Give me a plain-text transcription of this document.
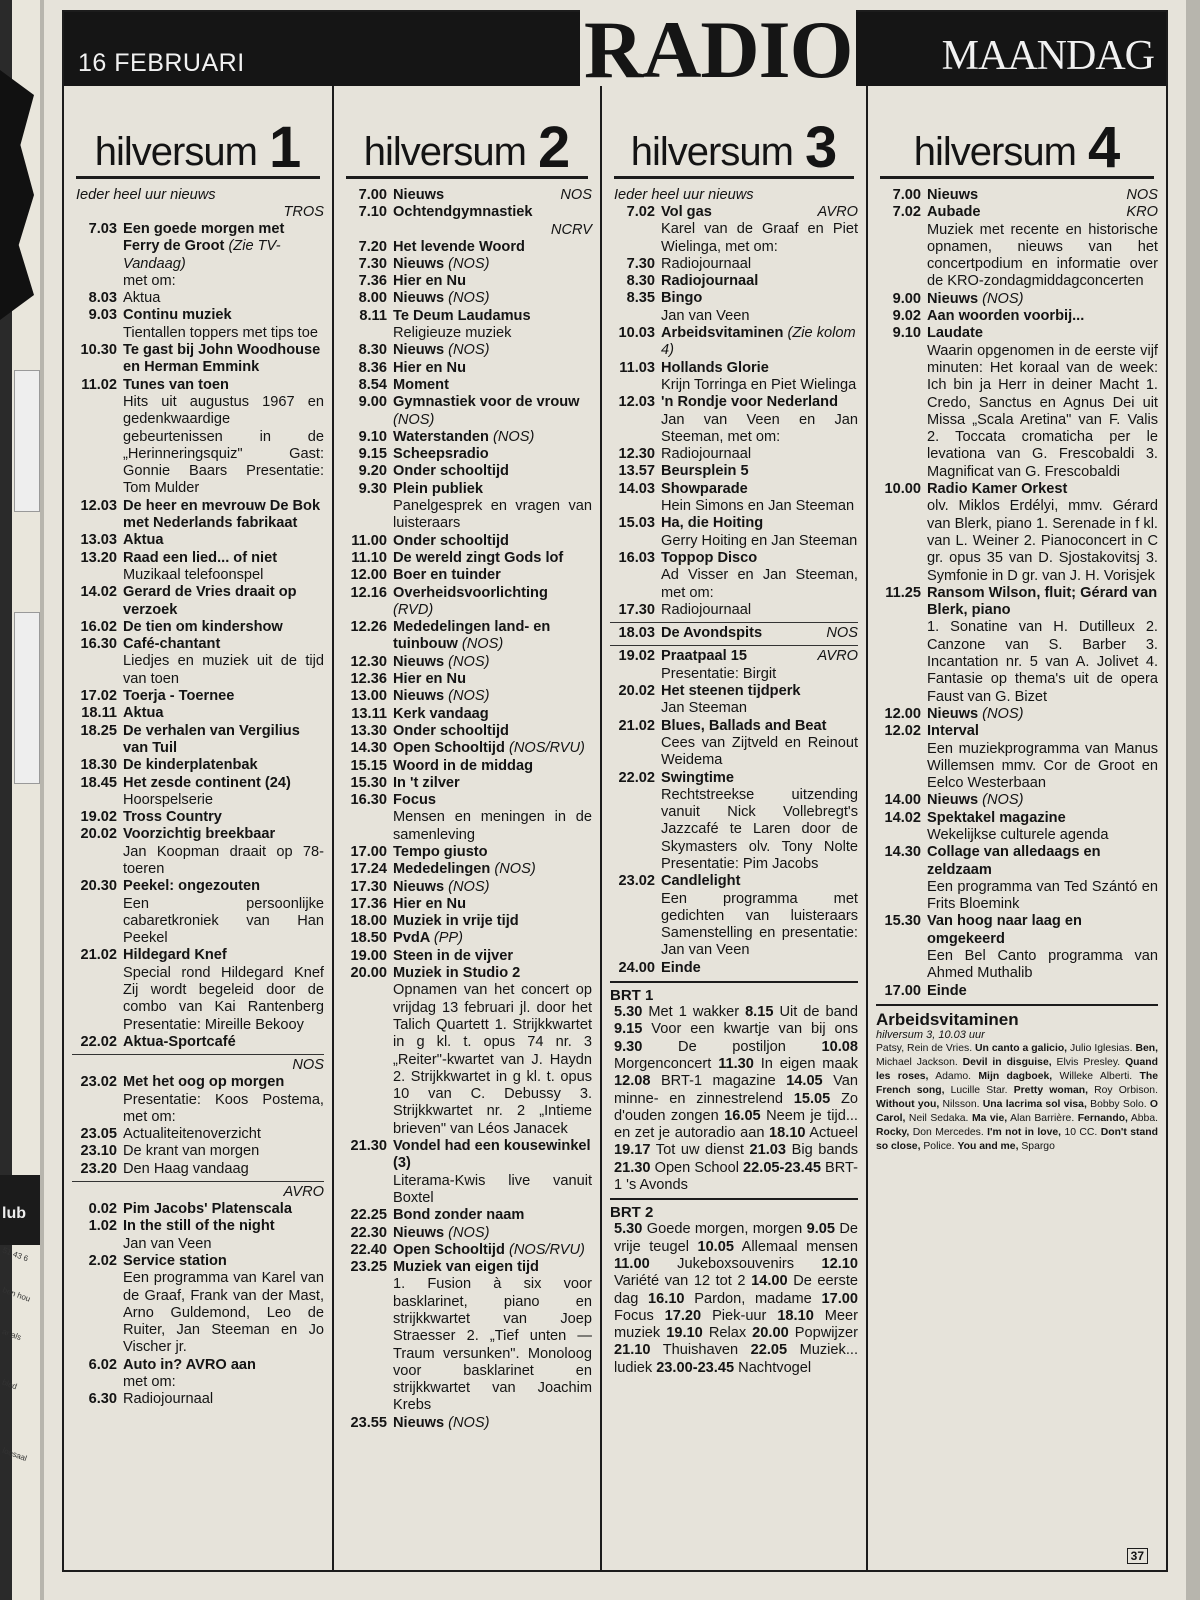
lub
51 43 6
ben hou
ar als
bled
loosaal
16 FEBRUARI	RADIO MAANDAG
hilversum 1
Ieder heel uur nieuws
TROS
7.03 Een goede morgen met Ferry de Groot (Zie TV-Vandaag)
met om:
8.03 Aktua
9.03 Continu muziek
Tientallen toppers met tips toe
10.30 Te gast bij John Woodhouse en Herman Emmink
11.02 Tunes van toen
Hits uit augustus 1967 en gedenkwaardige gebeurtenissen in de „Herinneringsquiz" Gast: Gonnie Baars Presentatie: Tom Mulder
12.03 De heer en mevrouw De Bok met Nederlands fabrikaat
13.03 Aktua
13.20 Raad een lied... of niet
Muzikaal telefoonspel
14.02 Gerard de Vries draait op verzoek
16.02 De tien om kindershow
16.30 Café-chantant
Liedjes en muziek uit de tijd van toen
17.02 Toerja - Toernee
18.11 Aktua
18.25 De verhalen van Vergilius van Tuil
18.30 De kinderplatenbak
18.45 Het zesde continent (24)
Hoorspelserie
19.02 Tross Country
20.02 Voorzichtig breekbaar
Jan Koopman draait op 78-toeren
20.30 Peekel: ongezouten
Een persoonlijke cabaretkroniek van Han Peekel
21.02 Hildegard Knef
Special rond Hildegard Knef Zij wordt begeleid door de combo van Kai Rantenberg Presentatie: Mireille Bekooy
22.02 Aktua-Sportcafé
NOS
23.02 Met het oog op morgen
Presentatie: Koos Postema, met om:
23.05 Actualiteitenoverzicht
23.10 De krant van morgen
23.20 Den Haag vandaag
AVRO
0.02 Pim Jacobs' Platenscala
1.02 In the still of the night
Jan van Veen
2.02 Service station
Een programma van Karel van de Graaf, Frank van der Mast, Arno Guldemond, Leo de Ruiter, Jan Steeman en Jo Vischer jr.
6.02 Auto in? AVRO aan
met om:
6.30 Radiojournaal
hilversum 2
7.00 Nieuws	NOS
7.10 Ochtendgymnastiek
NCRV
7.20 Het levende Woord
7.30 Nieuws (NOS)
7.36 Hier en Nu
8.00 Nieuws (NOS)
8.11 Te Deum Laudamus
Religieuze muziek
8.30 Nieuws (NOS)
8.36 Hier en Nu
8.54 Moment
9.00 Gymnastiek voor de vrouw (NOS)
9.10 Waterstanden (NOS)
9.15 Scheepsradio
9.20 Onder schooltijd
9.30 Plein publiek
Panelgesprek en vragen van luisteraars
11.00 Onder schooltijd
11.10 De wereld zingt Gods lof
12.00 Boer en tuinder
12.16 Overheidsvoorlichting (RVD)
12.26 Mededelingen land- en tuinbouw (NOS)
12.30 Nieuws (NOS)
12.36 Hier en Nu
13.00 Nieuws (NOS)
13.11 Kerk vandaag
13.30 Onder schooltijd
14.30 Open Schooltijd (NOS/RVU)
15.15 Woord in de middag
15.30 In 't zilver
16.30 Focus
Mensen en meningen in de samenleving
17.00 Tempo giusto
17.24 Mededelingen (NOS)
17.30 Nieuws (NOS)
17.36 Hier en Nu
18.00 Muziek in vrije tijd
18.50 PvdA (PP)
19.00 Steen in de vijver
20.00 Muziek in Studio 2
Opnamen van het concert op vrijdag 13 februari jl. door het Talich Quartett 1. Strijkkwartet in g kl. t. opus 74 nr. 3 „Reiter"-kwartet van J. Haydn 2. Strijkkwartet in g kl. t. opus 10 van C. Debussy 3. Strijkkwartet nr. 2 „Intieme brieven" van Léos Janacek
21.30 Vondel had een kousewinkel (3)
Literama-Kwis live vanuit Boxtel
22.25 Bond zonder naam
22.30 Nieuws (NOS)
22.40 Open Schooltijd (NOS/RVU)
23.25 Muziek van eigen tijd
1. Fusion à six voor basklarinet, piano en strijkkwartet van Joep Straesser 2. „Tief unten — Traum versunken". Monoloog voor basklarinet en strijkkwartet van Joachim Krebs
23.55 Nieuws (NOS)
hilversum 3
Ieder heel uur nieuws
7.02 Vol gas	AVRO
Karel van de Graaf en Piet Wielinga, met om:
7.30 Radiojournaal
8.30 Radiojournaal
8.35 Bingo
Jan van Veen
10.03 Arbeidsvitaminen (Zie kolom 4)
11.03 Hollands Glorie
Krijn Torringa en Piet Wielinga
12.03 'n Rondje voor Nederland
Jan van Veen en Jan Steeman, met om:
12.30 Radiojournaal
13.57 Beursplein 5
14.03 Showparade
Hein Simons en Jan Steeman
15.03 Ha, die Hoiting
Gerry Hoiting en Jan Steeman
16.03 Toppop Disco
Ad Visser en Jan Steeman, met om:
17.30 Radiojournaal
18.03 De Avondspits	NOS
19.02 Praatpaal 15	AVRO
Presentatie: Birgit
20.02 Het steenen tijdperk
Jan Steeman
21.02 Blues, Ballads and Beat
Cees van Zijtveld en Reinout Weidema
22.02 Swingtime
Rechtstreekse uitzending vanuit Nick Vollebregt's Jazzcafé te Laren door de Skymasters olv. Tony Nolte Presentatie: Pim Jacobs
23.02 Candlelight
Een programma met gedichten van luisteraars Samenstelling en presentatie: Jan van Veen
24.00 Einde
BRT 1
5.30 Met 1 wakker 8.15 Uit de band 9.15 Voor een kwartje van bij ons 9.30 De postiljon 10.08 Morgenconcert 11.30 In eigen maak 12.08 BRT-1 magazine 14.05 Van minne- en zinnestrelend 15.05 Zo d'ouden zongen 16.05 Neem je tijd... en zet je autoradio aan 18.10 Actueel 19.17 Tot uw dienst 21.03 Big bands 21.30 Open School 22.05-23.45 BRT-1 's Avonds
BRT 2
5.30 Goede morgen, morgen 9.05 De vrije teugel 10.05 Allemaal mensen 11.00 Jukeboxsouvenirs 12.10 Variété van 12 tot 2 14.00 De eerste dag 16.10 Pardon, madame 17.00 Focus 17.20 Piek-uur 18.10 Meer muziek 19.10 Relax 20.00 Popwijzer 21.10 Thuishaven 22.05 Muziek... ludiek 23.00-23.45 Nachtvogel
hilversum 4
7.00 Nieuws	NOS
7.02 Aubade	KRO
Muziek met recente en historische opnamen, nieuws van het concertpodium en informatie over de KRO-zondagmiddagconcerten
9.00 Nieuws (NOS)
9.02 Aan woorden voorbij...
9.10 Laudate
Waarin opgenomen in de eerste vijf minuten: Het koraal van de week: Ich bin ja Herr in deiner Macht 1. Credo, Sanctus en Agnus Dei uit Missa „Scala Aretina" van F. Valis 2. Toccata cromaticha per le levationa van G. Frescobaldi 3. Magnificat van G. Frescobaldi
10.00 Radio Kamer Orkest
olv. Miklos Erdélyi, mmv. Gérard van Blerk, piano 1. Serenade in f kl. van L. Weiner 2. Pianoconcert in C gr. opus 35 van D. Sjostakovitsj 3. Symfonie in D gr. van J. H. Vorisjek
11.25 Ransom Wilson, fluit; Gérard van Blerk, piano
1. Sonatine van H. Dutilleux 2. Canzone van S. Barber 3. Incantation nr. 5 van A. Jolivet 4. Fantasie op thema's uit de opera Faust van G. Bizet
12.00 Nieuws (NOS)
12.02 Interval
Een muziekprogramma van Manus Willemsen mmv. Cor de Groot en Eelco Westerbaan
14.00 Nieuws (NOS)
14.02 Spektakel magazine
Wekelijkse culturele agenda
14.30 Collage van alledaags en zeldzaam
Een programma van Ted Szántó en Frits Bloemink
15.30 Van hoog naar laag en omgekeerd
Een Bel Canto programma van Ahmed Muthalib
17.00 Einde
Arbeidsvitaminen
hilversum 3, 10.03 uur
Patsy, Rein de Vries. Un canto a galicio, Julio Iglesias. Ben, Michael Jackson. Devil in disguise, Elvis Presley. Quand les roses, Adamo. Mijn dagboek, Willeke Alberti. The French song, Lucille Star. Pretty woman, Roy Orbison. Without you, Nilsson. Una lacrima sol visa, Bobby Solo. O Carol, Neil Sedaka. Ma vie, Alan Barrière. Fernando, Abba. Rocky, Don Mercedes. I'm not in love, 10 CC. Don't stand so close, Police. You and me, Spargo
37
